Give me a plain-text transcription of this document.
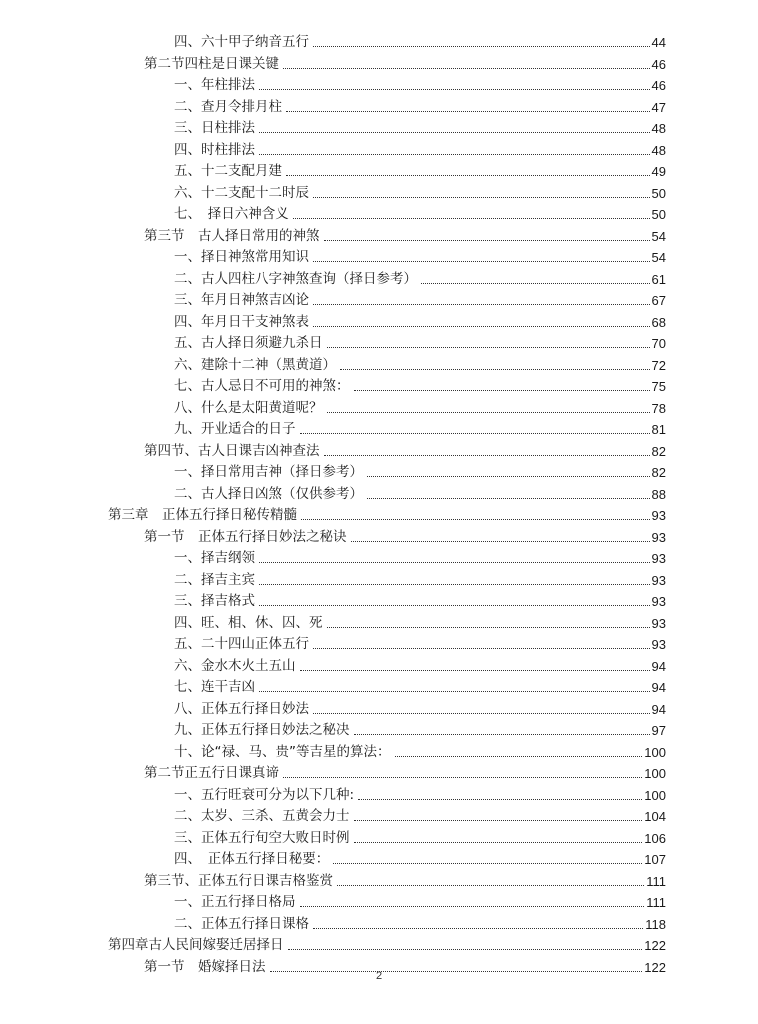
四、六十甲子纳音五行	44
第二节四柱是日课关键	46
一、年柱排法	46
二、查月令排月柱	47
三、日柱排法	48
四、时柱排法	48
五、十二支配月建	49
六、十二支配十二时辰	50
七、　择日六神含义	50
第三节　古人择日常用的神煞	54
一、择日神煞常用知识	54
二、古人四柱八字神煞查询（择日参考）	61
三、年月日神煞吉凶论	67
四、年月日干支神煞表	68
五、古人择日须避九杀日	70
六、建除十二神（黑黄道）	72
七、古人忌日不可用的神煞：	75
八、什么是太阳黄道呢？	78
九、开业适合的日子	81
第四节、古人日课吉凶神查法	82
一、择日常用吉神（择日参考）	82
二、古人择日凶煞（仅供参考）	88
第三章　正体五行择日秘传精髓	93
第一节　正体五行择日妙法之秘诀	93
一、择吉纲领	93
二、择吉主宾	93
三、择吉格式	93
四、旺、相、休、囚、死	93
五、二十四山正体五行	93
六、金水木火土五山	94
七、连干吉凶	94
八、正体五行择日妙法	94
九、正体五行择日妙法之秘决	97
十、论“禄、马、贵”等吉星的算法：	100
第二节正五行日课真谛	100
一、五行旺衰可分为以下几种:	100
二、太岁、三杀、五黄会力士	104
三、正体五行旬空大败日时例	106
四、　正体五行择日秘要：	107
第三节、正体五行日课吉格鉴赏	111
一、正五行择日格局	111
二、正体五行择日课格	118
第四章古人民间嫁娶迁居择日	122
第一节　婚嫁择日法	122
2
